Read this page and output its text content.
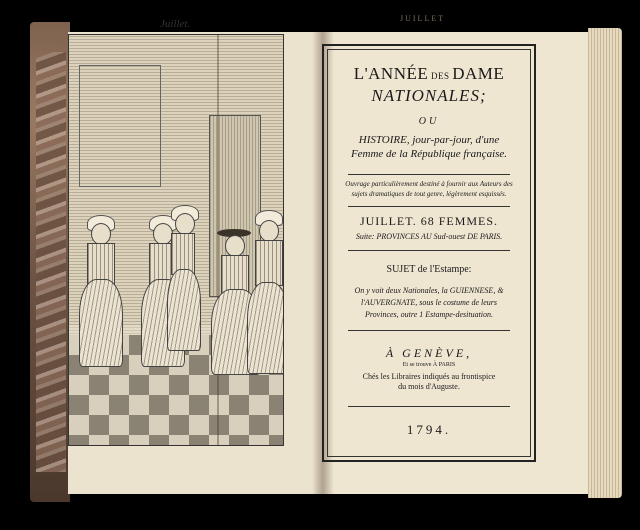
Juillet.	JUILLET
L'ANNÉE DES DAME
NATIONALES;
OU
HISTOIRE, jour-par-jour, d'une
Femme de la République française.
Ouvrage particulièrement destiné à fournir aux Auteurs des
sujets dramatiques de tout genre, légèrement esquissés.
JUILLET. 68 FEMMES.
Suite: PROVINCES AU Sud-ouest DE PARIS.
SUJET de l'Estampe:
On y voit deux Nationales, la GUIENNESE, &
l'AUVERGNATE, sous le costume de leurs
Provinces, outre 1 Estampe-desituation.
À GENÈVE,
Et se trouve À PARIS
Chés les Libraires indiqués au frontispice
du mois d'Auguste.
1794.
